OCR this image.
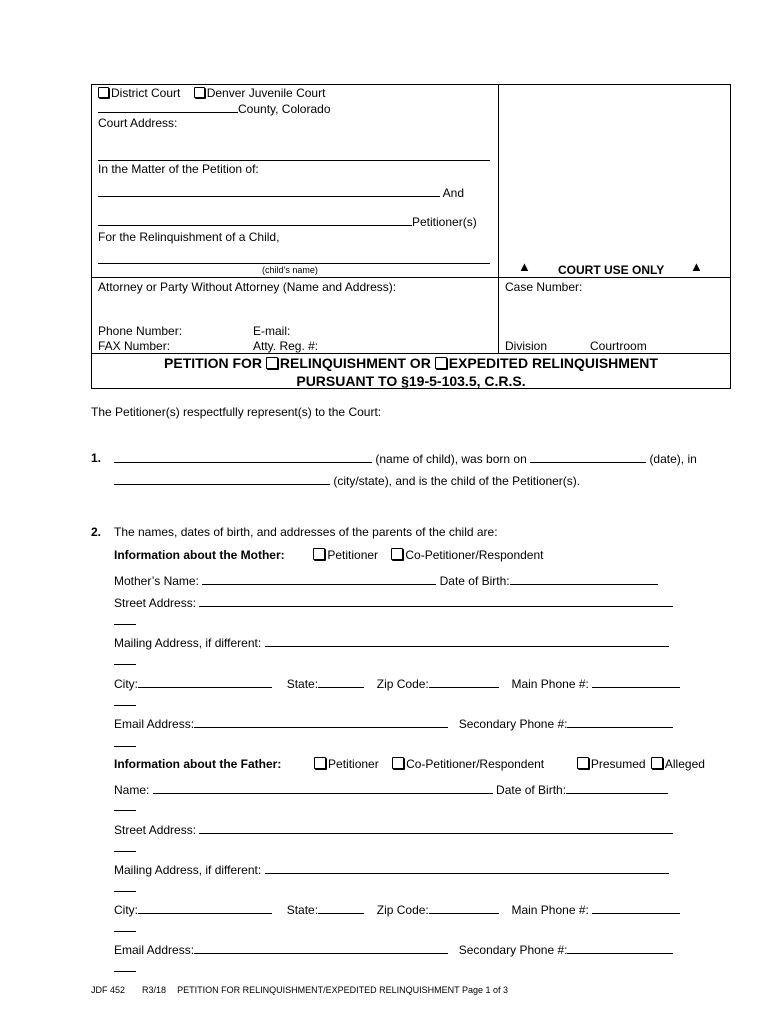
District Court Denver Juvenile Court
County, Colorado
Court Address:
In the Matter of the Petition of:
And
Petitioner(s)
For the Relinquishment of a Child,
(child’s name)	▲ COURT USE ONLY ▲
Attorney or Party Without Attorney (Name and Address):	Case Number:
Phone Number:	E-mail:
FAX Number:	Atty. Reg. #:	Division	Courtroom
PETITION FOR RELINQUISHMENT OR EXPEDITED RELINQUISHMENT
PURSUANT TO §19-5-103.5, C.R.S.
The Petitioner(s) respectfully represent(s) to the Court:
1.	(name of child), was born on	(date), in
(city/state), and is the child of the Petitioner(s).
2. The names, dates of birth, and addresses of the parents of the child are:
Information about the Mother:	Petitioner Co-Petitioner/Respondent
Mother’s Name:	Date of Birth:
Street Address:
Mailing Address, if different:
City:	State:	Zip Code:	Main Phone #:
Email Address:	Secondary Phone #:
Information about the Father:	Petitioner Co-Petitioner/Respondent	Presumed Alleged
Name:	Date of Birth:
Street Address:
Mailing Address, if different:
City:	State:	Zip Code:	Main Phone #:
Email Address:	Secondary Phone #:
JDF 452 R3/18 PETITION FOR RELINQUISHMENT/EXPEDITED RELINQUISHMENT Page 1 of 3
